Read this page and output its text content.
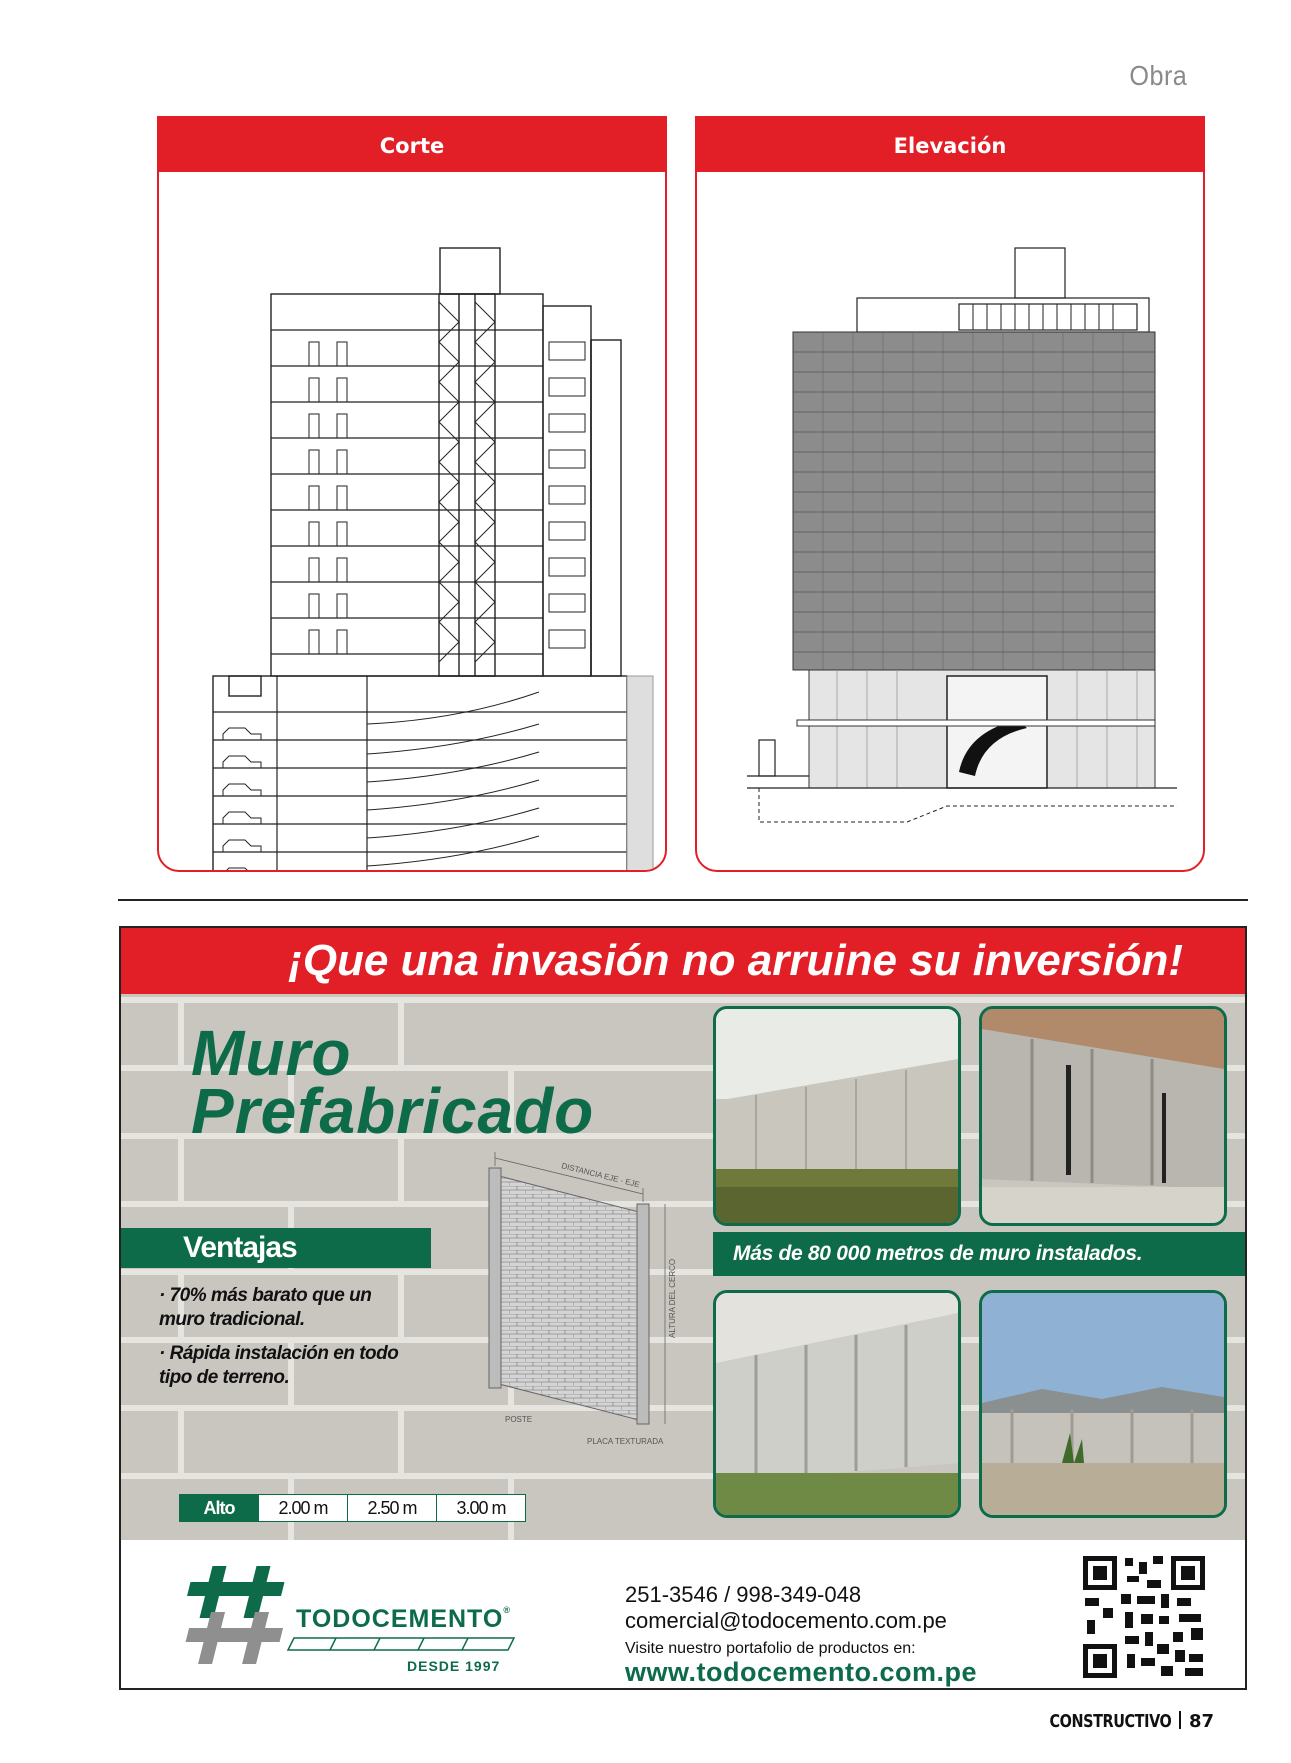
Obra
Corte	Elevación
¡Que una invasión no arruine su inversión!
Muro
Prefabricado
DISTANCIA EJE - EJE
ALTURA DEL CERCO
POSTE
PLACA TEXTURADA
Ventajas
· 70% más barato que un muro tradicional.
· Rápida instalación en todo tipo de terreno.
Alto	2.00 m	2.50 m	3.00 m
Más de 80 000 metros de muro instalados.
TODOCEMENTO®
DESDE 1997
251-3546 / 998-349-048
comercial@todocemento.com.pe
Visite nuestro portafolio de productos en:
www.todocemento.com.pe
CONSTRUCTIVO 87
